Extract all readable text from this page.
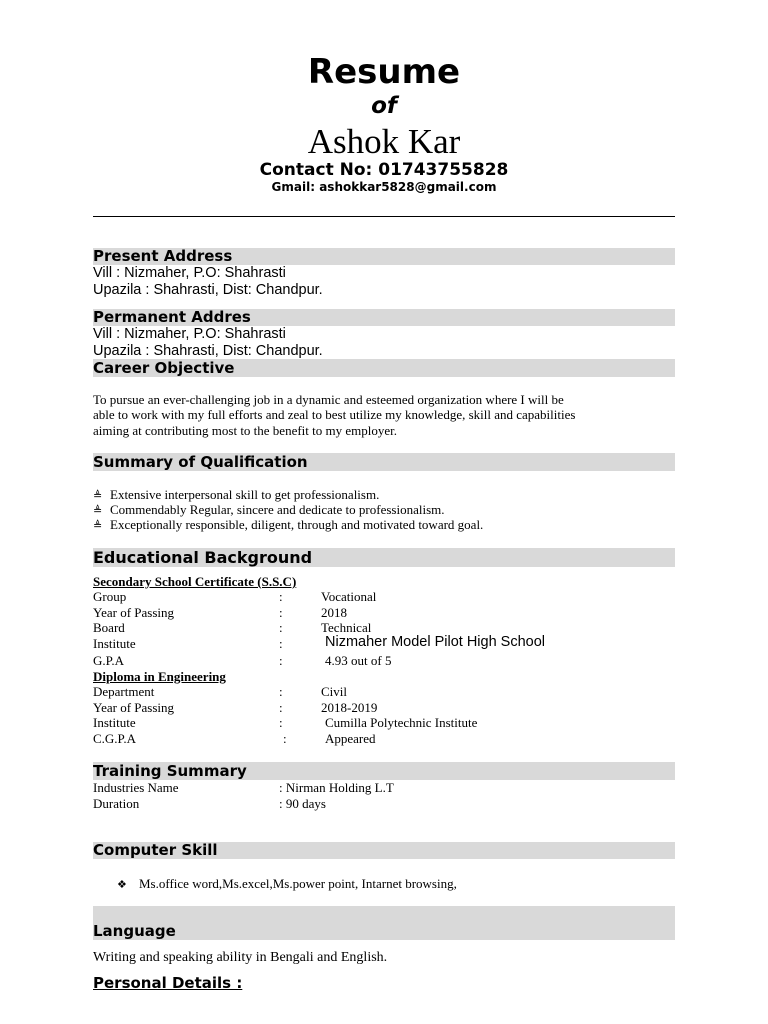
Resume
of
Ashok Kar
Contact No: 01743755828
Gmail: ashokkar5828@gmail.com
Present Address
Vill : Nizmaher, P.O: Shahrasti
Upazila : Shahrasti, Dist: Chandpur.
Permanent Addres
Vill : Nizmaher, P.O: Shahrasti
Upazila : Shahrasti, Dist: Chandpur.
Career Objective
To pursue an ever-challenging job in a dynamic and esteemed organization where I will be
able to work with my full efforts and zeal to best utilize my knowledge, skill and capabilities
aiming at contributing most to the benefit to my employer.
Summary of Qualification
≜ Extensive interpersonal skill to get professionalism.
≜ Commendably Regular, sincere and dedicate to professionalism.
≜ Exceptionally responsible, diligent, through and motivated toward goal.
Educational Background
Secondary School Certificate (S.S.C)
Group	:	Vocational
Year of Passing	:	2018
Board	:	Technical
Institute	:	Nizmaher Model Pilot High School
G.P.A	:	4.93 out of 5
Diploma in Engineering
Department	:	Civil
Year of Passing	:	2018-2019
Institute	:	Cumilla Polytechnic Institute
C.G.P.A	:	Appeared
Training Summary
Industries Name	: Nirman Holding L.T
Duration	: 90 days
Computer Skill
❖ Ms.office word,Ms.excel,Ms.power point, Intarnet browsing,
Language
Writing and speaking ability in Bengali and English.
Personal Details :
